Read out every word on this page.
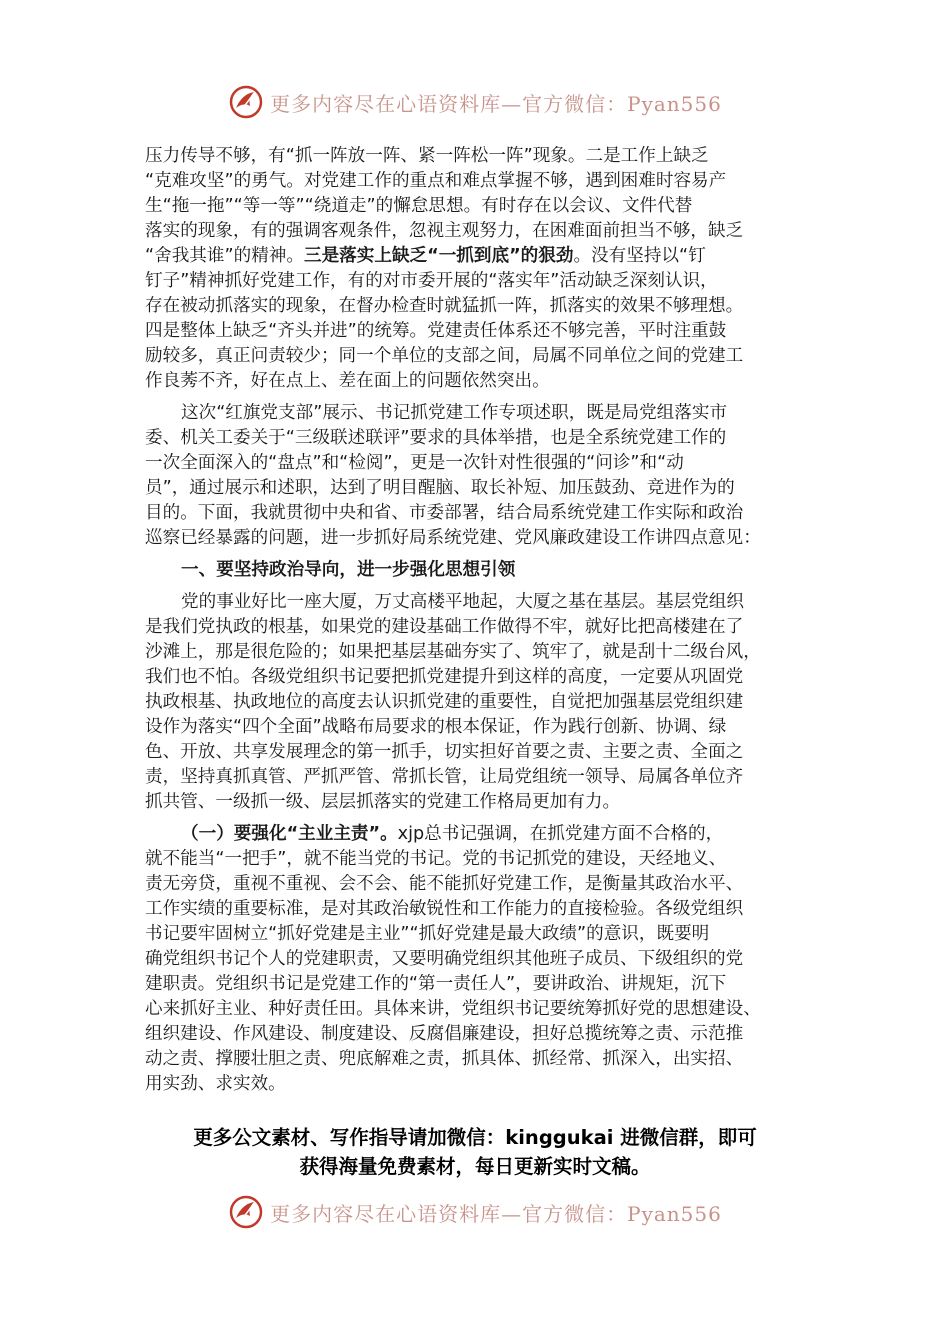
更多内容尽在心语资料库—官方微信：Pyan556
压力传导不够，有“抓一阵放一阵、紧一阵松一阵”现象。二是工作上缺乏
“克难攻坚”的勇气。对党建工作的重点和难点掌握不够，遇到困难时容易产
生“拖一拖”“等一等”“绕道走”的懈怠思想。有时存在以会议、文件代替
落实的现象，有的强调客观条件，忽视主观努力，在困难面前担当不够，缺乏
“舍我其谁”的精神。三是落实上缺乏“一抓到底”的狠劲。没有坚持以“钉
钉子”精神抓好党建工作，有的对市委开展的“落实年”活动缺乏深刻认识，
存在被动抓落实的现象，在督办检查时就猛抓一阵，抓落实的效果不够理想。
四是整体上缺乏“齐头并进”的统筹。党建责任体系还不够完善，平时注重鼓
励较多，真正问责较少；同一个单位的支部之间，局属不同单位之间的党建工
作良莠不齐，好在点上、差在面上的问题依然突出。
这次“红旗党支部”展示、书记抓党建工作专项述职，既是局党组落实市
委、机关工委关于“三级联述联评”要求的具体举措，也是全系统党建工作的
一次全面深入的“盘点”和“检阅”，更是一次针对性很强的“问诊”和“动
员”，通过展示和述职，达到了明目醒脑、取长补短、加压鼓劲、竞进作为的
目的。下面，我就贯彻中央和省、市委部署，结合局系统党建工作实际和政治
巡察已经暴露的问题，进一步抓好局系统党建、党风廉政建设工作讲四点意见：
一、要坚持政治导向，进一步强化思想引领
党的事业好比一座大厦，万丈高楼平地起，大厦之基在基层。基层党组织
是我们党执政的根基，如果党的建设基础工作做得不牢，就好比把高楼建在了
沙滩上，那是很危险的；如果把基层基础夯实了、筑牢了，就是刮十二级台风，
我们也不怕。各级党组织书记要把抓党建提升到这样的高度，一定要从巩固党
执政根基、执政地位的高度去认识抓党建的重要性，自觉把加强基层党组织建
设作为落实“四个全面”战略布局要求的根本保证，作为践行创新、协调、绿
色、开放、共享发展理念的第一抓手，切实担好首要之责、主要之责、全面之
责，坚持真抓真管、严抓严管、常抓长管，让局党组统一领导、局属各单位齐
抓共管、一级抓一级、层层抓落实的党建工作格局更加有力。
（一）要强化“主业主责”。xjp总书记强调，在抓党建方面不合格的，
就不能当“一把手”，就不能当党的书记。党的书记抓党的建设，天经地义、
责无旁贷，重视不重视、会不会、能不能抓好党建工作，是衡量其政治水平、
工作实绩的重要标准，是对其政治敏锐性和工作能力的直接检验。各级党组织
书记要牢固树立“抓好党建是主业”“抓好党建是最大政绩”的意识，既要明
确党组织书记个人的党建职责，又要明确党组织其他班子成员、下级组织的党
建职责。党组织书记是党建工作的“第一责任人”，要讲政治、讲规矩，沉下
心来抓好主业、种好责任田。具体来讲，党组织书记要统筹抓好党的思想建设、
组织建设、作风建设、制度建设、反腐倡廉建设，担好总揽统筹之责、示范推
动之责、撑腰壮胆之责、兜底解难之责，抓具体、抓经常、抓深入，出实招、
用实劲、求实效。
更多公文素材、写作指导请加微信：kinggukai 进微信群，即可
获得海量免费素材，每日更新实时文稿。
更多内容尽在心语资料库—官方微信：Pyan556
